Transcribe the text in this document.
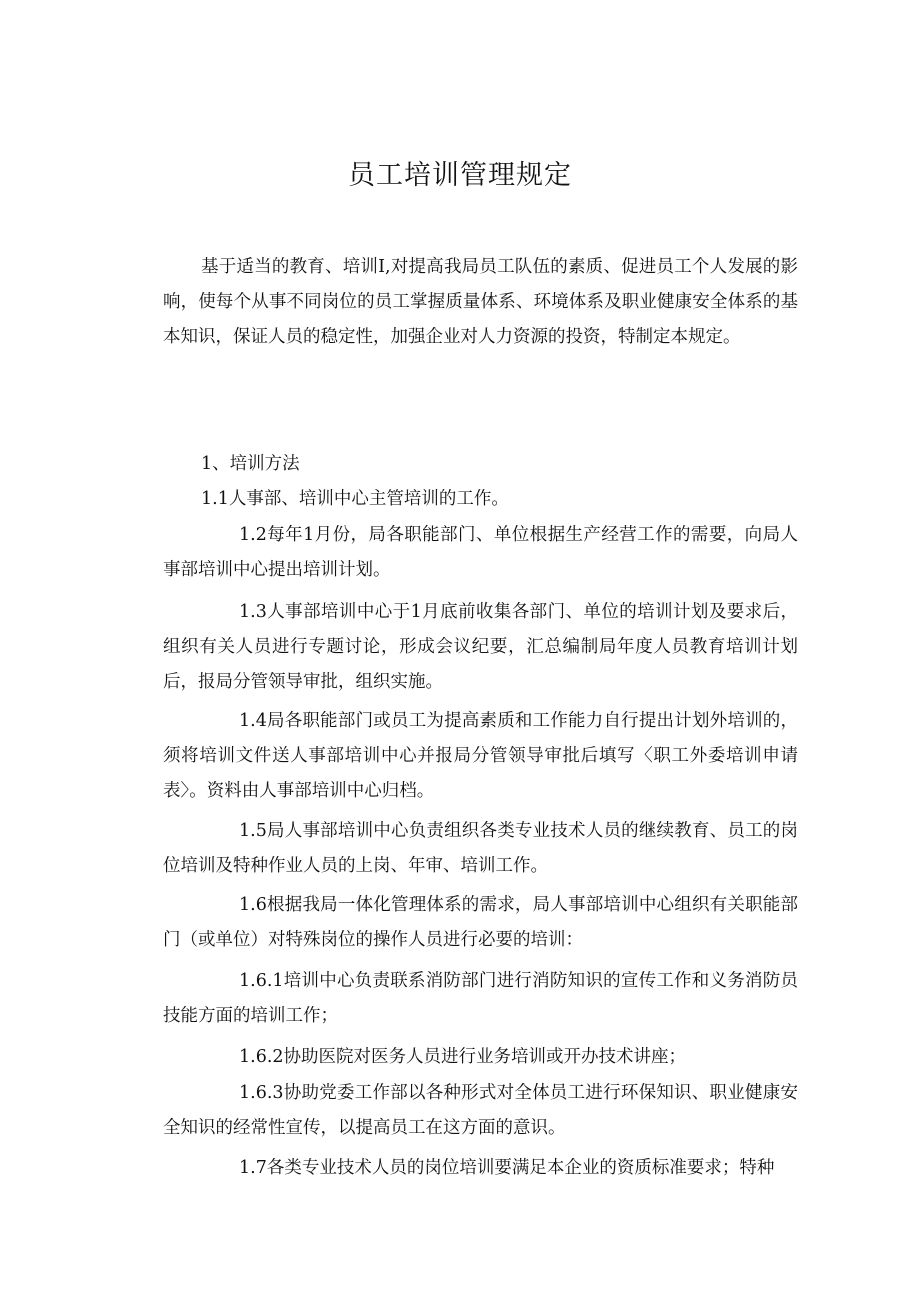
员工培训管理规定

基于适当的教育、培训I,对提高我局员工队伍的素质、促进员工个人发展的影响，使每个从事不同岗位的员工掌握质量体系、环境体系及职业健康安全体系的基本知识，保证人员的稳定性，加强企业对人力资源的投资，特制定本规定。

1、培训方法

1.1人事部、培训中心主管培训的工作。

1.2每年1月份，局各职能部门、单位根据生产经营工作的需要，向局人事部培训中心提出培训计划。

1.3人事部培训中心于1月底前收集各部门、单位的培训计划及要求后，组织有关人员进行专题讨论，形成会议纪要，汇总编制局年度人员教育培训计划后，报局分管领导审批，组织实施。

1.4局各职能部门或员工为提高素质和工作能力自行提出计划外培训的，须将培训文件送人事部培训中心并报局分管领导审批后填写〈职工外委培训申请表〉。资料由人事部培训中心归档。

1.5局人事部培训中心负责组织各类专业技术人员的继续教育、员工的岗位培训及特种作业人员的上岗、年审、培训工作。

1.6根据我局一体化管理体系的需求，局人事部培训中心组织有关职能部门（或单位）对特殊岗位的操作人员进行必要的培训：

1.6.1培训中心负责联系消防部门进行消防知识的宣传工作和义务消防员技能方面的培训工作；

1.6.2协助医院对医务人员进行业务培训或开办技术讲座；

1.6.3协助党委工作部以各种形式对全体员工进行环保知识、职业健康安全知识的经常性宣传，以提高员工在这方面的意识。

1.7各类专业技术人员的岗位培训要满足本企业的资质标准要求；特种
